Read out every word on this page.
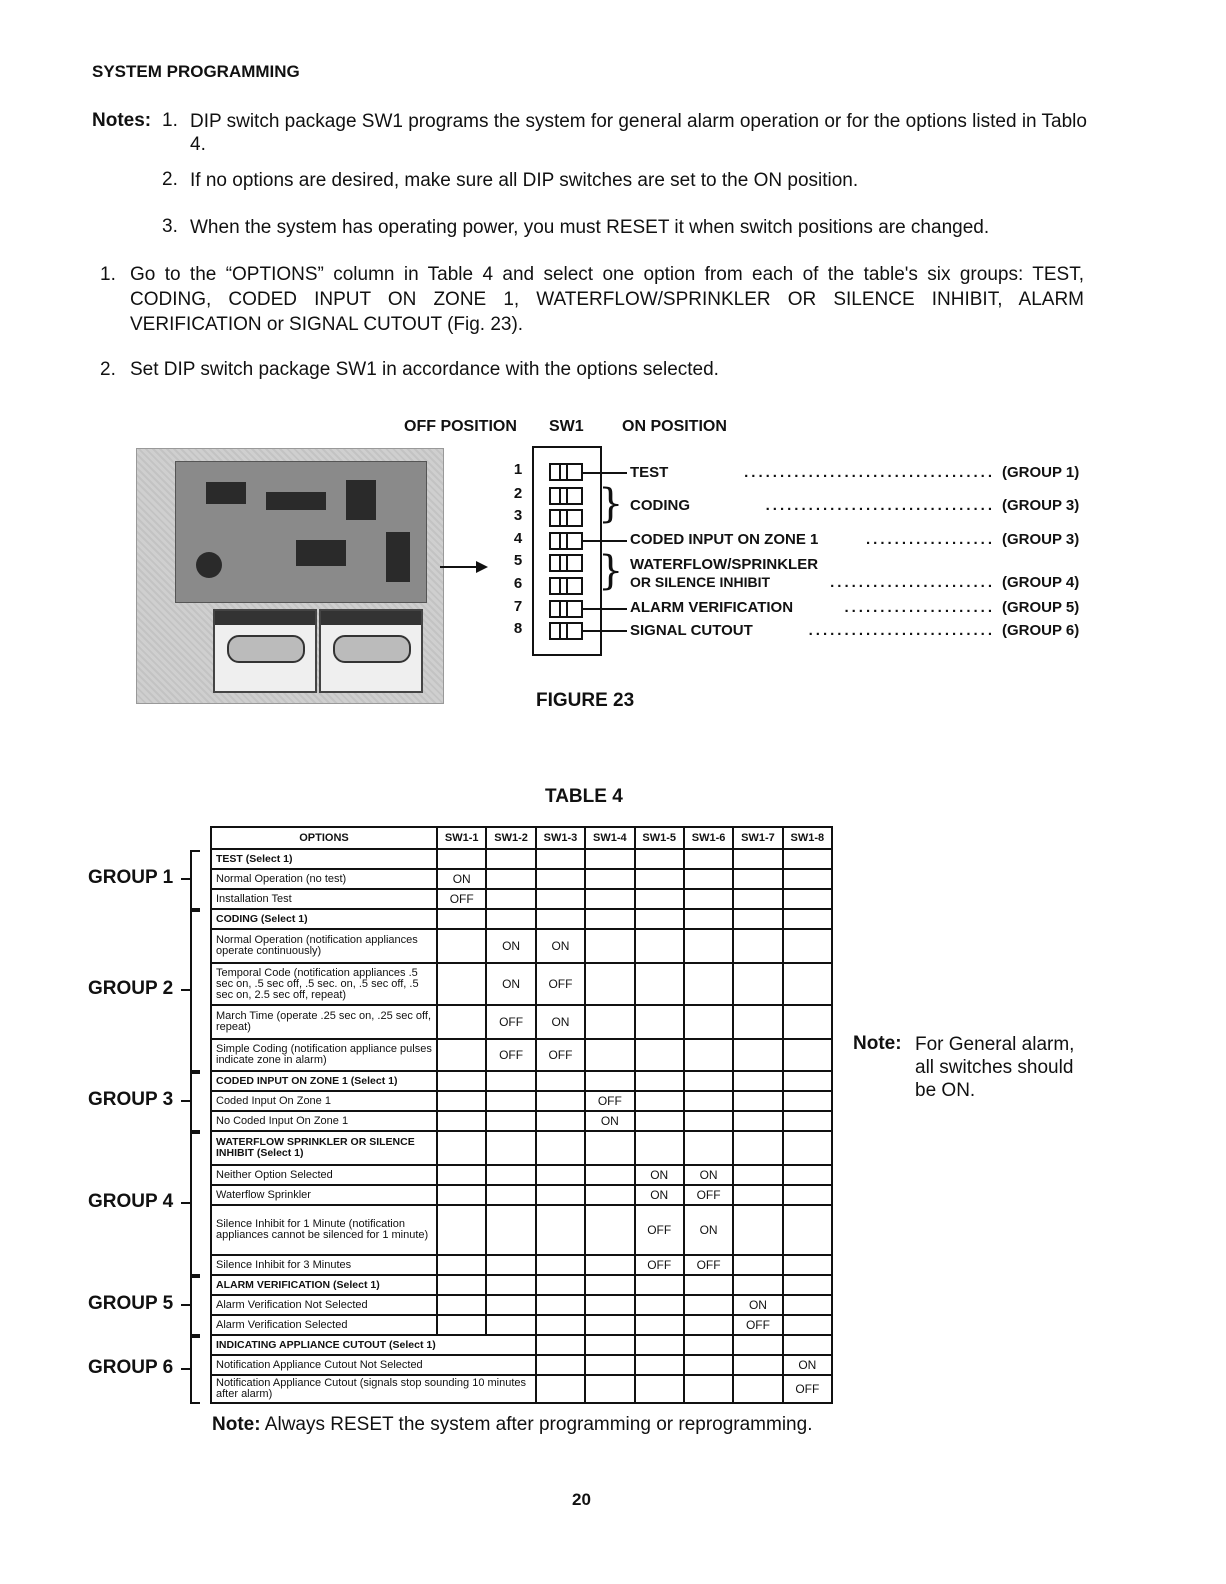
SYSTEM PROGRAMMING
Notes: 1. DIP switch package SW1 programs the system for general alarm operation or for the options listed in Tablo 4.
2. If no options are desired, make sure all DIP switches are set to the ON position.
3. When the system has operating power, you must RESET it when switch positions are changed.
1. Go to the “OPTIONS” column in Table 4 and select one option from each of the table's six groups: TEST, CODING, CODED INPUT ON ZONE 1, WATERFLOW/SPRINKLER OR SILENCE INHIBIT, ALARM VERIFICATION or SIGNAL CUTOUT (Fig. 23).
2. Set DIP switch package SW1 in accordance with the options selected.
OFF POSITION SW1 ON POSITION
1
2
3
4
5
6
7
8
}
}
TEST	................................... (GROUP 1)
CODING	................................ (GROUP 3)
CODED INPUT ON ZONE 1	.................. (GROUP 3)
WATERFLOW/SPRINKLER
OR SILENCE INHIBIT	....................... (GROUP 4)
ALARM VERIFICATION	..................... (GROUP 5)
SIGNAL CUTOUT	.......................... (GROUP 6)
FIGURE 23
TABLE 4
OPTIONS	SW1-1	SW1-2	SW1-3	SW1-4	SW1-5	SW1-6	SW1-7	SW1-8
TEST (Select 1)								
Normal Operation (no test)	ON							
Installation Test	OFF							
CODING (Select 1)								
Normal Operation (notification appliances operate continuously)		ON	ON					
Temporal Code (notification appliances .5 sec on, .5 sec off, .5 sec. on, .5 sec off, .5 sec on, 2.5 sec off, repeat)		ON	OFF					
March Time (operate .25 sec on, .25 sec off, repeat)		OFF	ON					
Simple Coding (notification appliance pulses indicate zone in alarm)		OFF	OFF					
CODED INPUT ON ZONE 1 (Select 1)								
Coded Input On Zone 1				OFF				
No Coded Input On Zone 1				ON				
WATERFLOW SPRINKLER OR SILENCE INHIBIT (Select 1)								
Neither Option Selected					ON	ON		
Waterflow Sprinkler					ON	OFF		
Silence Inhibit for 1 Minute (notification appliances cannot be silenced for 1 minute)					OFF	ON		
Silence Inhibit for 3 Minutes					OFF	OFF		
ALARM VERIFICATION (Select 1)								
Alarm Verification Not Selected							ON	
Alarm Verification Selected							OFF	
INDICATING APPLIANCE CUTOUT (Select 1)								
Notification Appliance Cutout Not Selected								ON
Notification Appliance Cutout (signals stop sounding 10 minutes after alarm)								OFF
GROUP 1
GROUP 2
GROUP 3
GROUP 4
GROUP 5
GROUP 6
Note: For General alarm, all switches should be ON.
Note: Always RESET the system after programming or reprogramming.
20
